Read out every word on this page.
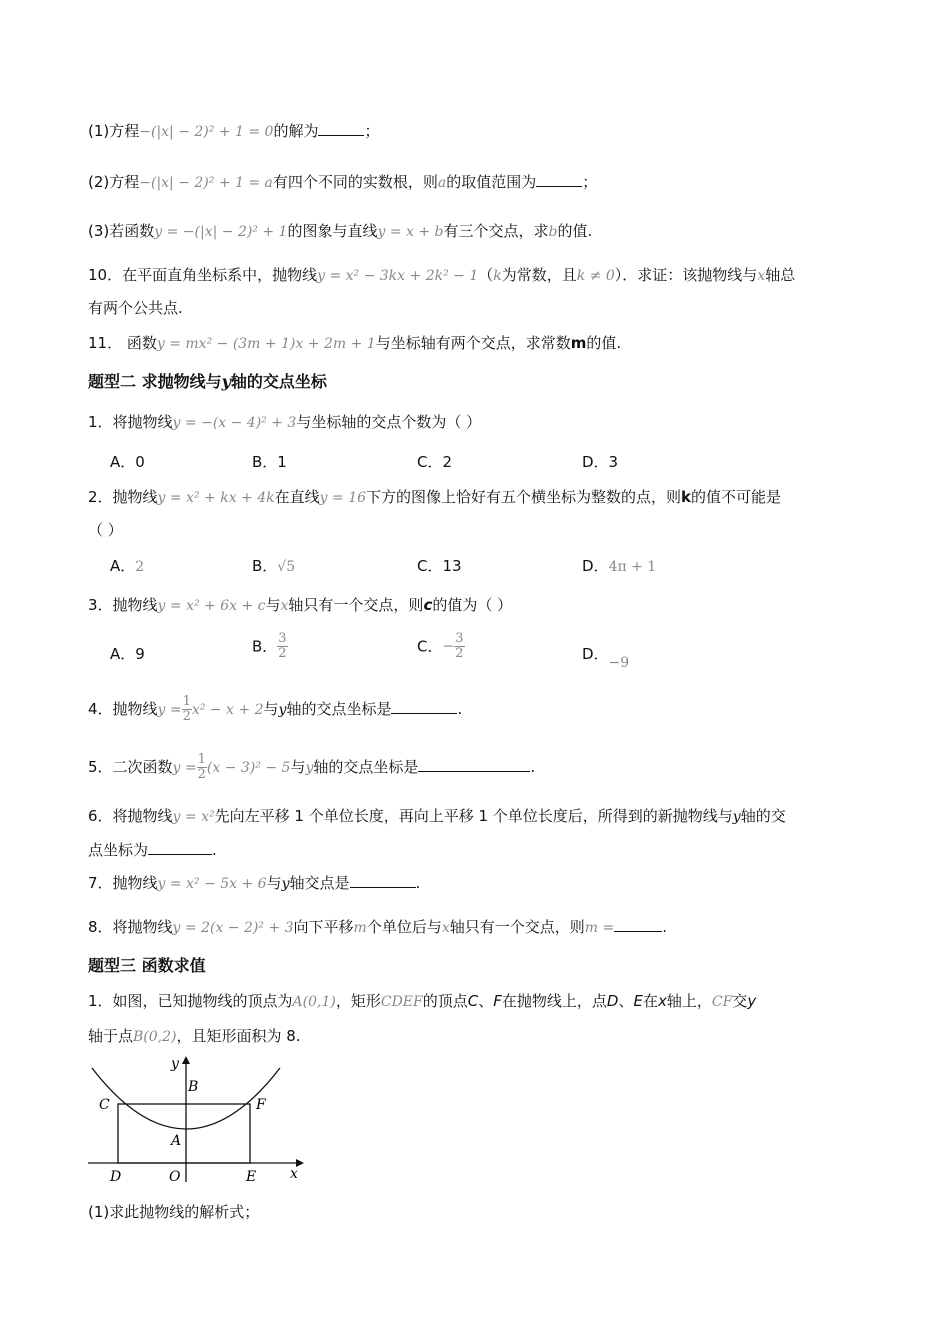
(1)方程−(|x| − 2)² + 1 = 0的解为	；
(2)方程−(|x| − 2)² + 1 = a有四个不同的实数根，则a的取值范围为	；
(3)若函数y = −(|x| − 2)² + 1的图象与直线y = x + b有三个交点，求b的值.
10．在平面直角坐标系中，抛物线y = x² − 3kx + 2k² − 1（k为常数，且k ≠ 0）．求证：该抛物线与x轴总
有两个公共点.
11． 函数y = mx² − (3m + 1)x + 2m + 1与坐标轴有两个交点，求常数m的值.
题型二 求抛物线与y轴的交点坐标
1．将抛物线y = −(x − 4)² + 3与坐标轴的交点个数为（ ）
A．0	B．1	C．2	D．3
2．抛物线y = x² + kx + 4k在直线y = 16下方的图像上恰好有五个横坐标为整数的点，则k的值不可能是
（ ）
A．2	B．√5	C．13	D．4π + 1
3．抛物线y = x² + 6x + c与x轴只有一个交点，则c的值为（ ）
A．9	B． $\frac{3}{2}$	C．− $\frac{3}{2}$	D．−9
4．抛物线$y = \frac{1}{2} x^2 - x + 2$与y轴的交点坐标是	.
5．二次函数$y = \frac{1}{2} (x - 3)^2 - 5$与y轴的交点坐标是	.
6．将抛物线y = x²先向左平移 1 个单位长度，再向上平移 1 个单位长度后，所得到的新抛物线与y轴的交
点坐标为	.
7．抛物线y = x² − 5x + 6与y轴交点是	.
8．将抛物线y = 2(x − 2)² + 3向下平移m个单位后与x轴只有一个交点，则m =	.
题型三 函数求值
1．如图，已知抛物线的顶点为A(0,1)，矩形CDEF的顶点C、F在抛物线上，点D、E在x轴上，CF交y
轴于点B(0,2)，且矩形面积为 8.
y
x
B
C	F
A
D	O	E
(1)求此抛物线的解析式；
